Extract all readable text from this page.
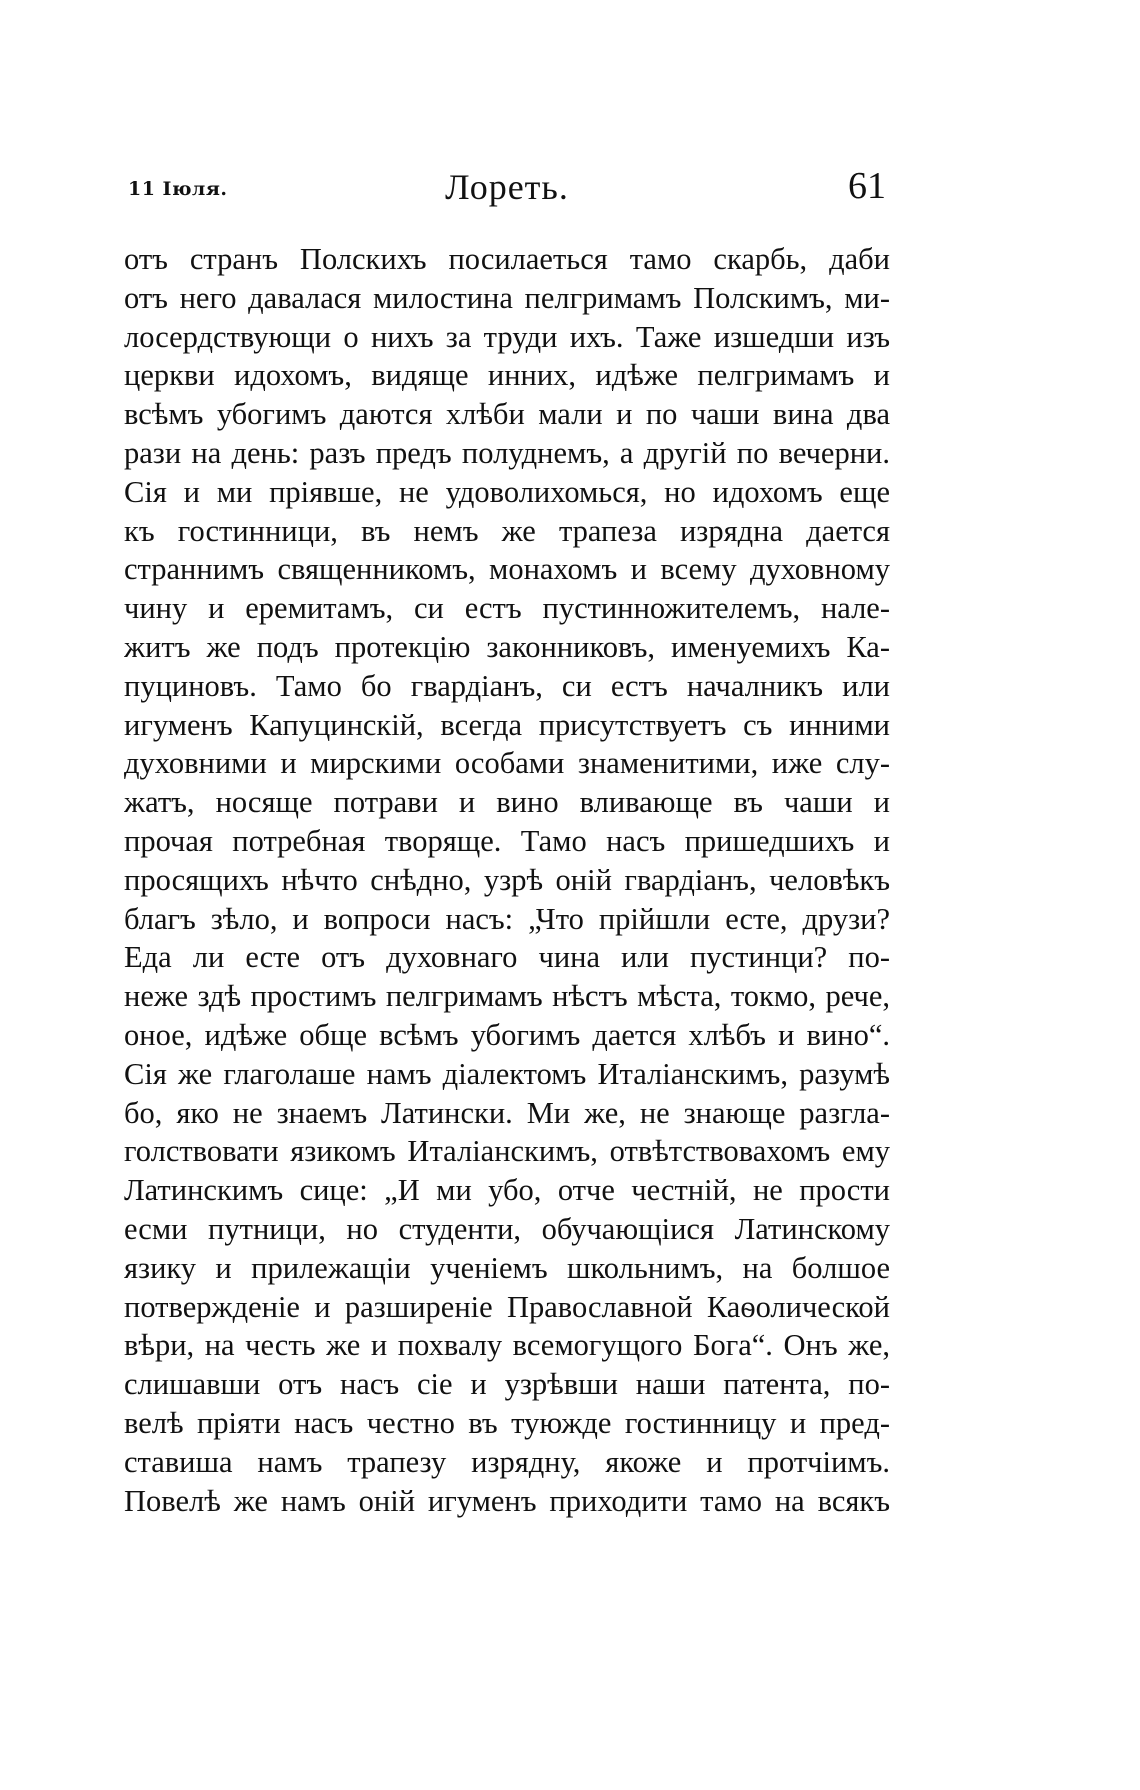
11 Іюля.	Лореть.	61
отъ странъ Полскихъ посилаеться тамо скарбь, даби
отъ него давалася милостина пелгримамъ Полскимъ, ми-
лосердствующи о нихъ за труди ихъ. Таже изшедши изъ
церкви идохомъ, видяще инних, идѣже пелгримамъ и
всѣмъ убогимъ даются хлѣби мали и по чаши вина два
рази на день: разъ предъ полуднемъ, а другій по вечерни.
Сія и ми пріявше, не удоволихомься, но идохомъ еще
къ гостинници, въ немъ же трапеза изрядна дается
страннимъ священникомъ, монахомъ и всему духовному
чину и еремитамъ, си естъ пустинножителемъ, нале-
житъ же подъ протекцію законниковъ, именуемихъ Ка-
пуциновъ. Тамо бо гвардіанъ, си естъ началникъ или
игуменъ Капуцинскій, всегда присутствуетъ съ инними
духовними и мирскими особами знаменитими, иже слу-
жатъ, носяще потрави и вино вливающе въ чаши и
прочая потребная творяще. Тамо насъ пришедшихъ и
просящихъ нѣчто снѣдно, узрѣ оній гвардіанъ, человѣкъ
благъ зѣло, и вопроси насъ: „Что прійшли есте, друзи?
Еда ли есте отъ духовнаго чина или пустинци? по-
неже здѣ простимъ пелгримамъ нѣстъ мѣста, токмо, рече,
оное, идѣже обще всѣмъ убогимъ дается хлѣбъ и вино“.
Сія же глаголаше намъ діалектомъ Италіанскимъ, разумѣ
бо, яко не знаемъ Латински. Ми же, не знающе разгла-
голствовати язикомъ Италіанскимъ, отвѣтствовахомъ ему
Латинскимъ сице: „И ми убо, отче честній, не прости
есми путници, но студенти, обучающіися Латинскому
язику и прилежащіи ученіемъ школьнимъ, на болшое
потвержденіе и разширеніе Православной Каѳолической
вѣри, на честь же и похвалу всемогущого Бога“. Онъ же,
слишавши отъ насъ сіе и узрѣвши наши патента, по-
велѣ пріяти насъ честно въ туюжде гостинницу и пред-
ставиша намъ трапезу изрядну, якоже и протчіимъ.
Повелѣ же намъ оній игуменъ приходити тамо на всякъ
